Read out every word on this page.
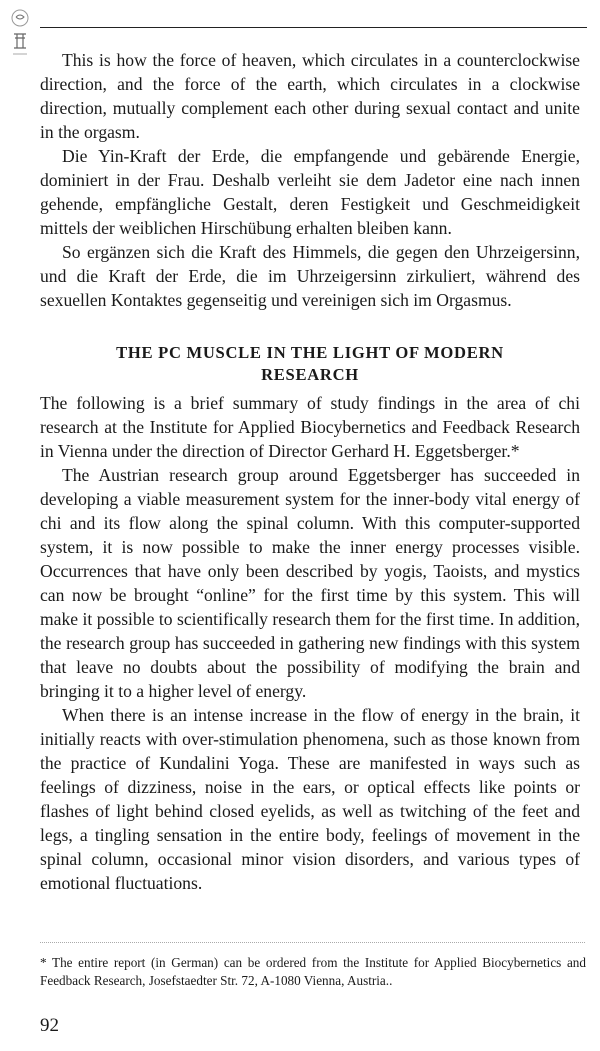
This is how the force of heaven, which circulates in a counterclockwise direction, and the force of the earth, which circulates in a clockwise direction, mutually complement each other during sexual contact and unite in the orgasm.

Die Yin-Kraft der Erde, die empfangende und gebärende Energie, dominiert in der Frau. Deshalb verleiht sie dem Jadetor eine nach innen gehende, empfängliche Gestalt, deren Festigkeit und Geschmeidigkeit mittels der weiblichen Hirschübung erhalten bleiben kann.

So ergänzen sich die Kraft des Himmels, die gegen den Uhrzeigersinn, und die Kraft der Erde, die im Uhrzeigersinn zirkuliert, während des sexuellen Kontaktes gegenseitig und vereinigen sich im Orgasmus.

THE PC MUSCLE IN THE LIGHT OF MODERN RESEARCH

The following is a brief summary of study findings in the area of chi research at the Institute for Applied Biocybernetics and Feedback Research in Vienna under the direction of Director Gerhard H. Eggetsberger.*

The Austrian research group around Eggetsberger has succeeded in developing a viable measurement system for the inner-body vital energy of chi and its flow along the spinal column. With this computer-supported system, it is now possible to make the inner energy processes visible. Occurrences that have only been described by yogis, Taoists, and mystics can now be brought “online” for the first time by this system. This will make it possible to scientifically research them for the first time. In addition, the research group has succeeded in gathering new findings with this system that leave no doubts about the possibility of modifying the brain and bringing it to a higher level of energy.

When there is an intense increase in the flow of energy in the brain, it initially reacts with over-stimulation phenomena, such as those known from the practice of Kundalini Yoga. These are manifested in ways such as feelings of dizziness, noise in the ears, or optical effects like points or flashes of light behind closed eyelids, as well as twitching of the feet and legs, a tingling sensation in the entire body, feelings of movement in the spinal column, occasional minor vision disorders, and various types of emotional fluctuations.

* The entire report (in German) can be ordered from the Institute for Applied Biocybernetics and Feedback Research, Josefstaedter Str. 72, A-1080 Vienna, Austria..
92
